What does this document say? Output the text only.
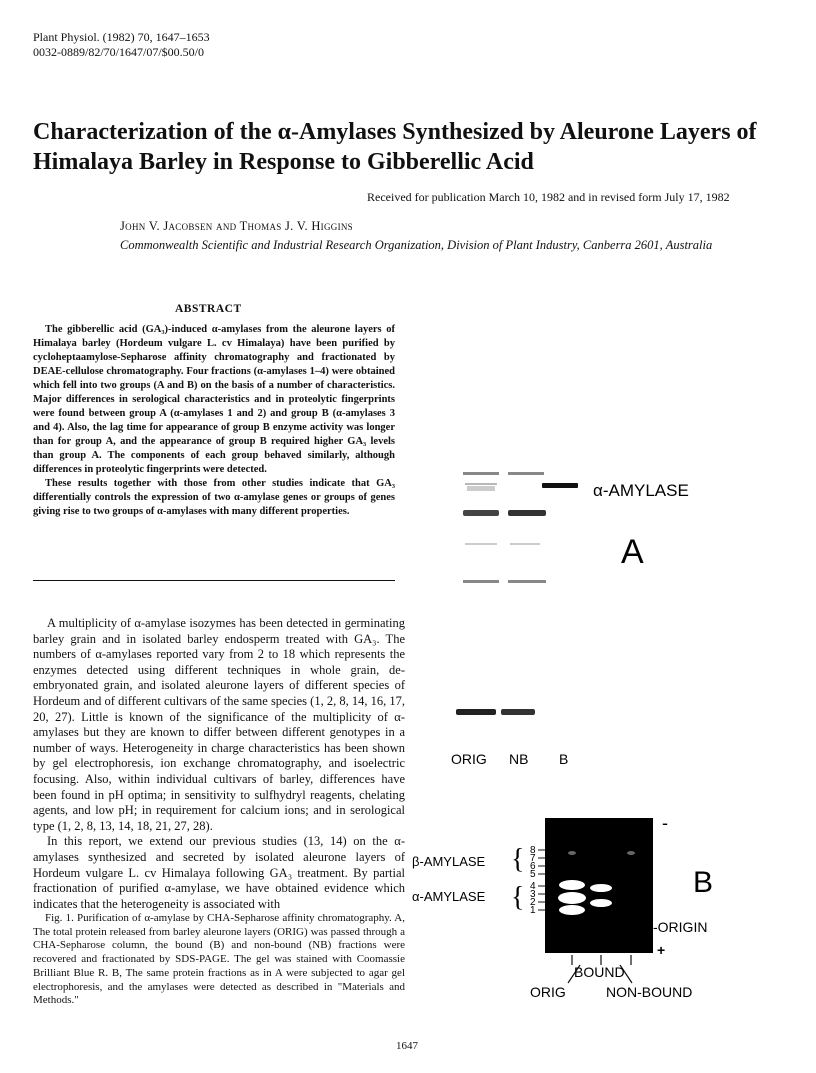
Plant Physiol. (1982) 70, 1647–1653
0032-0889/82/70/1647/07/$00.50/0
Characterization of the α-Amylases Synthesized by Aleurone Layers of Himalaya Barley in Response to Gibberellic Acid
Received for publication March 10, 1982 and in revised form July 17, 1982
John V. Jacobsen and Thomas J. V. Higgins
Commonwealth Scientific and Industrial Research Organization, Division of Plant Industry, Canberra 2601, Australia
ABSTRACT

The gibberellic acid (GA₃)-induced α-amylases from the aleurone layers of Himalaya barley (Hordeum vulgare L. cv Himalaya) have been purified by cycloheptaamylose-Sepharose affinity chromatography and fractionated by DEAE-cellulose chromatography. Four fractions (α-amylases 1–4) were obtained which fell into two groups (A and B) on the basis of a number of characteristics. Major differences in serological characteristics and in proteolytic fingerprints were found between group A (α-amylases 1 and 2) and group B (α-amylases 3 and 4). Also, the lag time for appearance of group B enzyme activity was longer than for group A, and the appearance of group B required higher GA₃ levels than group A. The components of each group behaved similarly, although differences in proteolytic fingerprints were detected.

These results together with those from other studies indicate that GA₃ differentially controls the expression of two α-amylase genes or groups of genes giving rise to two groups of α-amylases with many different properties.

A multiplicity of α-amylase isozymes has been detected in germinating barley grain and in isolated barley endosperm treated with GA₃. The numbers of α-amylases reported vary from 2 to 18 which represents the enzymes detected using different techniques in whole grain, de-embryonated grain, and isolated aleurone layers of different species of Hordeum and of different cultivars of the same species (1, 2, 8, 14, 16, 17, 20, 27). Little is known of the significance of the multiplicity of α-amylases but they are known to differ between different genotypes in a number of ways. Heterogeneity in charge characteristics has been shown by gel electrophoresis, ion exchange chromatography, and isoelectric focusing. Also, within individual cultivars of barley, differences have been found in pH optima; in sensitivity to sulfhydryl reagents, chelating agents, and low pH; in requirement for calcium ions; and in serological type (1, 2, 8, 13, 14, 18, 21, 27, 28).

In this report, we extend our previous studies (13, 14) on the α-amylases synthesized and secreted by isolated aleurone layers of Hordeum vulgare L. cv Himalaya following GA₃ treatment. By partial fractionation of purified α-amylase, we have obtained evidence which indicates that the heterogeneity is associated with

Fig. 1. Purification of α-amylase by CHA-Sepharose affinity chromatography. A, The total protein released from barley aleurone layers (ORIG) was passed through a CHA-Sepharose column, the bound (B) and non-bound (NB) fractions were recovered and fractionated by SDS-PAGE. The gel was stained with Coomassie Brilliant Blue R. B, The same protein fractions as in A were subjected to agar gel electrophoresis, and the amylases were detected as described in "Materials and Methods."

1647
α-AMYLASE
A
ORIG NB B
-
B
-ORIGIN
+
β-AMYLASE
α-AMYLASE
{
{
8
7
6
5
4
3
2
1
BOUND
ORIG	NON-BOUND
